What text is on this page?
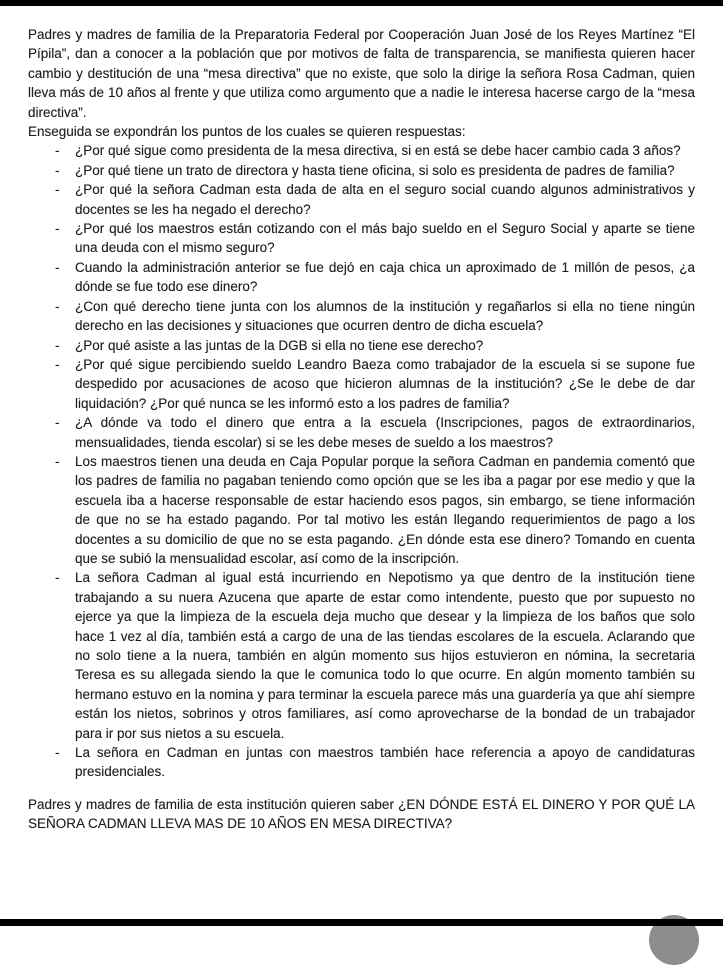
Padres y madres de familia de la Preparatoria Federal por Cooperación Juan José de los Reyes Martínez “El Pípila”, dan a conocer a la población que por motivos de falta de transparencia, se manifiesta quieren hacer cambio y destitución de una “mesa directiva” que no existe, que solo la dirige la señora Rosa Cadman, quien lleva más de 10 años al frente y que utiliza como argumento que a nadie le interesa hacerse cargo de la “mesa directiva”.

Enseguida se expondrán los puntos de los cuales se quieren respuestas:

- ¿Por qué sigue como presidenta de la mesa directiva, si en está se debe hacer cambio cada 3 años?
- ¿Por qué tiene un trato de directora y hasta tiene oficina, si solo es presidenta de padres de familia?
- ¿Por qué la señora Cadman esta dada de alta en el seguro social cuando algunos administrativos y docentes se les ha negado el derecho?
- ¿Por qué los maestros están cotizando con el más bajo sueldo en el Seguro Social y aparte se tiene una deuda con el mismo seguro?
- Cuando la administración anterior se fue dejó en caja chica un aproximado de 1 millón de pesos, ¿a dónde se fue todo ese dinero?
- ¿Con qué derecho tiene junta con los alumnos de la institución y regañarlos si ella no tiene ningún derecho en las decisiones y situaciones que ocurren dentro de dicha escuela?
- ¿Por qué asiste a las juntas de la DGB si ella no tiene ese derecho?
- ¿Por qué sigue percibiendo sueldo Leandro Baeza como trabajador de la escuela si se supone fue despedido por acusaciones de acoso que hicieron alumnas de la institución? ¿Se le debe de dar liquidación? ¿Por qué nunca se les informó esto a los padres de familia?
- ¿A dónde va todo el dinero que entra a la escuela (Inscripciones, pagos de extraordinarios, mensualidades, tienda escolar) si se les debe meses de sueldo a los maestros?
- Los maestros tienen una deuda en Caja Popular porque la señora Cadman en pandemia comentó que los padres de familia no pagaban teniendo como opción que se les iba a pagar por ese medio y que la escuela iba a hacerse responsable de estar haciendo esos pagos, sin embargo, se tiene información de que no se ha estado pagando. Por tal motivo les están llegando requerimientos de pago a los docentes a su domicilio de que no se esta pagando. ¿En dónde esta ese dinero? Tomando en cuenta que se subió la mensualidad escolar, así como de la inscripción.
- La señora Cadman al igual está incurriendo en Nepotismo ya que dentro de la institución tiene trabajando a su nuera Azucena que aparte de estar como intendente, puesto que por supuesto no ejerce ya que la limpieza de la escuela deja mucho que desear y la limpieza de los baños que solo hace 1 vez al día, también está a cargo de una de las tiendas escolares de la escuela. Aclarando que no solo tiene a la nuera, también en algún momento sus hijos estuvieron en nómina, la secretaria Teresa es su allegada siendo la que le comunica todo lo que ocurre. En algún momento también su hermano estuvo en la nomina y para terminar la escuela parece más una guardería ya que ahí siempre están los nietos, sobrinos y otros familiares, así como aprovecharse de la bondad de un trabajador para ir por sus nietos a su escuela.
- La señora en Cadman en juntas con maestros también hace referencia a apoyo de candidaturas presidenciales.

Padres y madres de familia de esta institución quieren saber ¿EN DÓNDE ESTÁ EL DINERO Y POR QUÉ LA SEÑORA CADMAN LLEVA MAS DE 10 AÑOS EN MESA DIRECTIVA?
